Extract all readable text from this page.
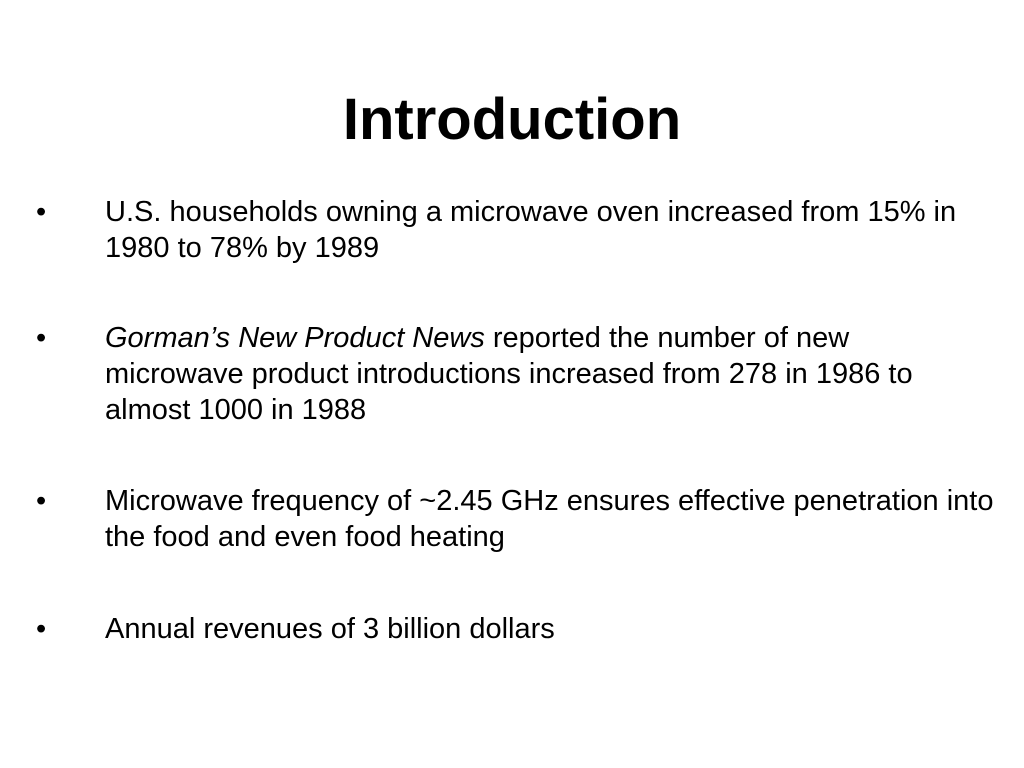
Introduction
• U.S. households owning a microwave oven increased from 15% in 1980 to 78% by 1989
• Gorman’s New Product News reported the number of new microwave product introductions increased from 278 in 1986 to almost 1000 in 1988
• Microwave frequency of ~2.45 GHz ensures effective penetration into the food and even food heating
• Annual revenues of 3 billion dollars
